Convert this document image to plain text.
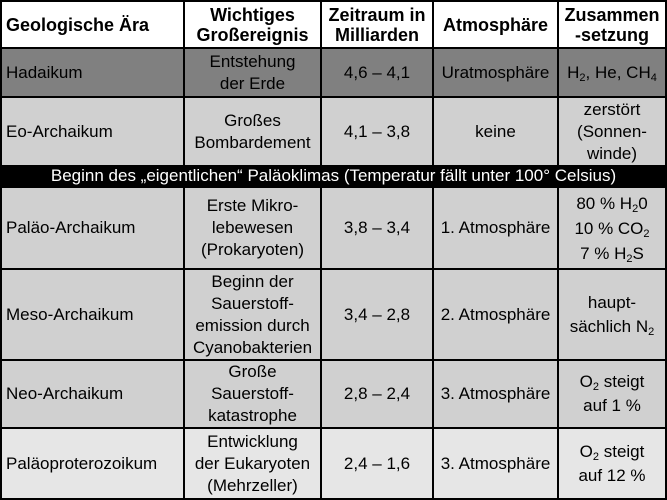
Geologische Ära	Wichtiges
Großereignis
Zeitraum in
Milliarden Atmosphäre Zusammen
-setzung
Hadaikum
Entstehung
der Erde
4,6 – 4,1 Uratmosphäre $H_2$, He, $CH_4$
Eo-Archaikum
Großes
Bombardement
4,1 – 3,8	keine
zerstört
(Sonnen-
winde)
Beginn des „eigentlichen“ Paläoklimas (Temperatur fällt unter 100° Celsius)
Paläo-Archaikum
Erste Mikro-
lebewesen
(Prokaryoten)
3,8 – 3,4 1. Atmosphäre
80 % $H_20$
10 % $CO_2$
7 % $H_2S$
Meso-Archaikum
Beginn der
Sauerstoff-
emission durch
Cyanobakterien
3,4 – 2,8 2. Atmosphäre
haupt-
sächlich $N_2$
Neo-Archaikum
Große
Sauerstoff-
katastrophe
2,8 – 2,4 3. Atmosphäre
$O_2$ steigt
auf 1 %
Paläoproterozoikum
Entwicklung
der Eukaryoten
(Mehrzeller)
2,4 – 1,6 3. Atmosphäre
$O_2$ steigt
auf 12 %
